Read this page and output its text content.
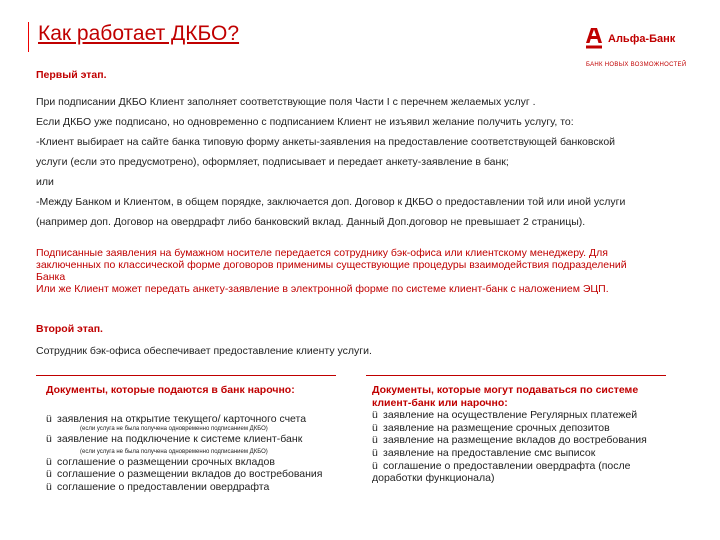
Как работает ДКБО?	Альфа-Банк
БАНК НОВЫХ ВОЗМОЖНОСТЕЙ
Первый этап.
При подписании ДКБО Клиент заполняет соответствующие поля Части I с перечнем желаемых услуг .
Если ДКБО уже подписано, но одновременно с подписанием Клиент не изъявил желание получить услугу, то:
-Клиент выбирает на сайте банка типовую форму анкеты-заявления на предоставление соответствующей банковской
услуги (если это предусмотрено), оформляет, подписывает и передает анкету-заявление в банк;
или
-Между Банком и Клиентом, в общем порядке, заключается доп. Договор к ДКБО о предоставлении той или иной услуги
(например доп. Договор на овердрафт либо банковский вклад. Данный Доп.договор не превышает 2 страницы).
Подписанные заявления на бумажном носителе передается сотруднику бэк-офиса или клиентскому менеджеру. Для
заключенных по классической форме договоров применимы существующие процедуры взаимодействия подразделений
Банка
Или же Клиент может передать анкету-заявление в электронной форме по системе клиент-банк с наложением ЭЦП.
Второй этап.
Сотрудник бэк-офиса обеспечивает предоставление клиенту услуги.
Документы, которые подаются в банк нарочно:
ü заявления на открытие текущего/ карточного счета
(если услуга не была получена одновременно подписанием ДКБО)
ü заявление на подключение к системе клиент-банк
(если услуга не была получена одновременно подписанием ДКБО)
ü соглашение о размещении срочных вкладов
ü соглашение о размещении вкладов до востребования
ü соглашение о предоставлении овердрафта
Документы, которые могут подаваться по системе
клиент-банк или нарочно:
ü заявление на осуществление Регулярных платежей
ü заявление на размещение срочных депозитов
ü заявление на размещение вкладов до востребования
ü заявление на предоставление смс выписок
ü соглашение о предоставлении овердрафта (после
доработки функционала)
